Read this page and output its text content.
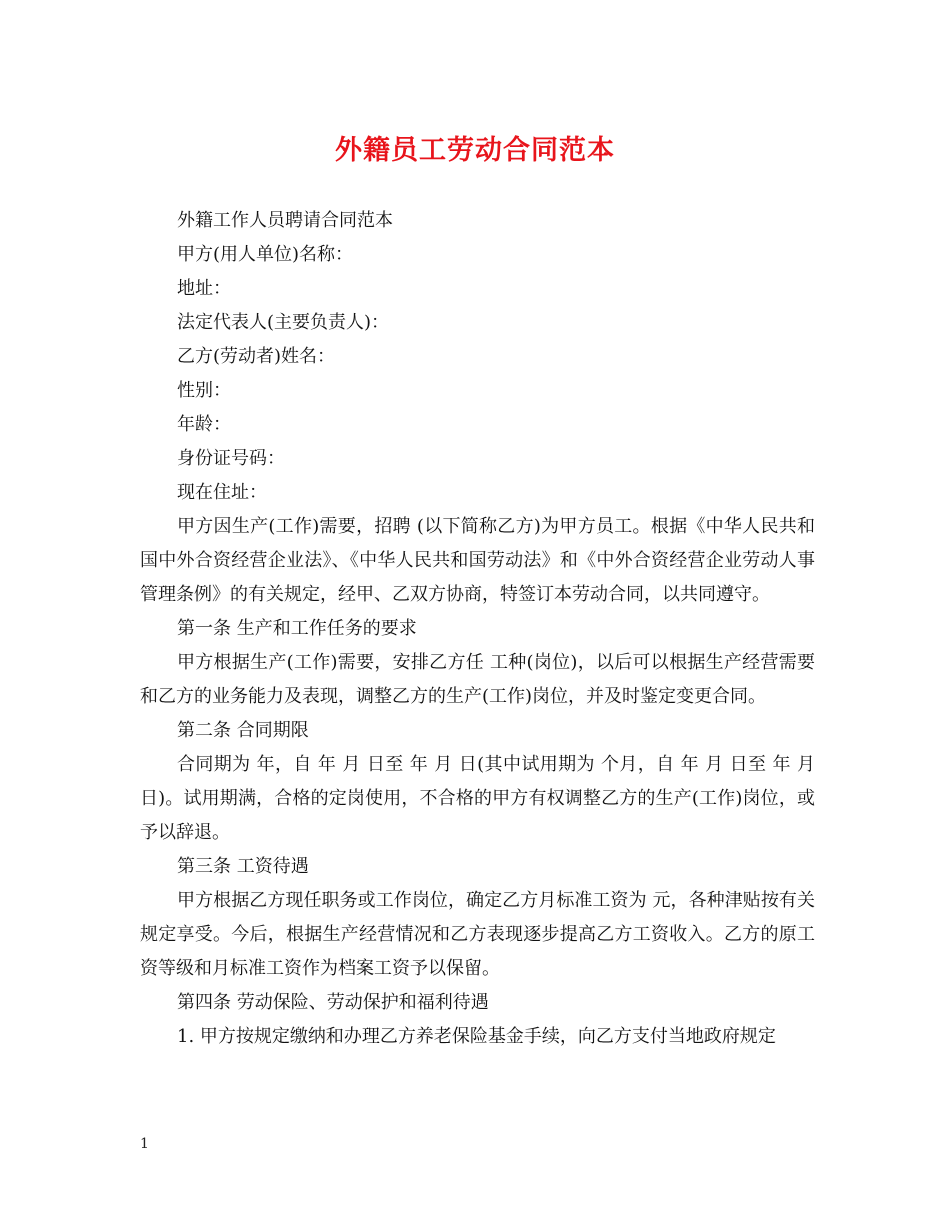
外籍员工劳动合同范本

外籍工作人员聘请合同范本

甲方(用人单位)名称：

地址：

法定代表人(主要负责人)：

乙方(劳动者)姓名：

性别：

年龄：

身份证号码：

现在住址：

甲方因生产(工作)需要，招聘 (以下简称乙方)为甲方员工。根据《中华人民共和国中外合资经营企业法》、《中华人民共和国劳动法》和《中外合资经营企业劳动人事管理条例》的有关规定，经甲、乙双方协商，特签订本劳动合同，以共同遵守。

第一条 生产和工作任务的要求

甲方根据生产(工作)需要，安排乙方任 工种(岗位)，以后可以根据生产经营需要和乙方的业务能力及表现，调整乙方的生产(工作)岗位，并及时鉴定变更合同。

第二条 合同期限

合同期为 年，自 年 月 日至 年 月 日(其中试用期为 个月，自 年 月 日至 年 月 日)。试用期满，合格的定岗使用，不合格的甲方有权调整乙方的生产(工作)岗位，或予以辞退。

第三条 工资待遇

甲方根据乙方现任职务或工作岗位，确定乙方月标准工资为 元，各种津贴按有关规定享受。今后，根据生产经营情况和乙方表现逐步提高乙方工资收入。乙方的原工资等级和月标准工资作为档案工资予以保留。

第四条 劳动保险、劳动保护和福利待遇

1. 甲方按规定缴纳和办理乙方养老保险基金手续，向乙方支付当地政府规定

1
